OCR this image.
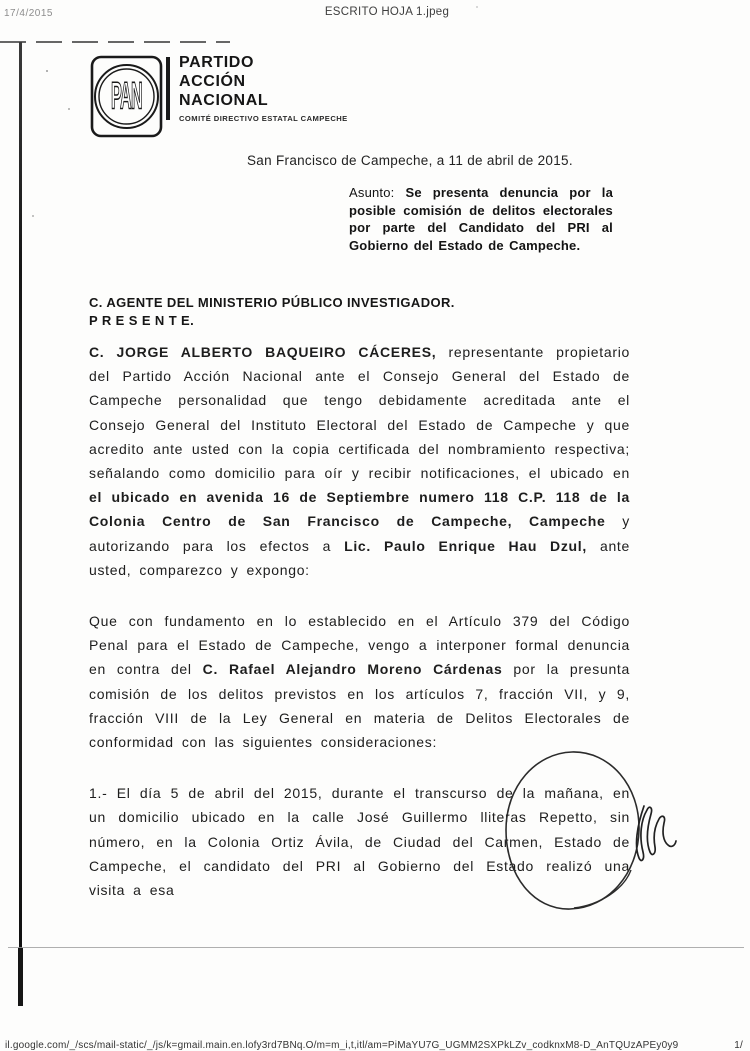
17/4/2015	ESCRITO HOJA 1.jpeg
PAN
PARTIDO
ACCIÓN
NACIONAL
COMITÉ DIRECTIVO ESTATAL CAMPECHE
San Francisco de Campeche, a 11 de abril de 2015.
Asunto: Se presenta denuncia por la posible comisión de delitos electorales por parte del Candidato del PRI al Gobierno del Estado de Campeche.
C. AGENTE DEL MINISTERIO PÚBLICO INVESTIGADOR.
P R E S E N T E.

C. JORGE ALBERTO BAQUEIRO CÁCERES, representante propietario del Partido Acción Nacional ante el Consejo General del Estado de Campeche personalidad que tengo debidamente acreditada ante el Consejo General del Instituto Electoral del Estado de Campeche y que acredito ante usted con la copia certificada del nombramiento respectiva; señalando como domicilio para oír y recibir notificaciones, el ubicado en el ubicado en avenida 16 de Septiembre numero 118 C.P. 118 de la Colonia Centro de San Francisco de Campeche, Campeche y autorizando para los efectos a Lic. Paulo Enrique Hau Dzul, ante usted, comparezco y expongo:

Que con fundamento en lo establecido en el Artículo 379 del Código Penal para el Estado de Campeche, vengo a interponer formal denuncia en contra del C. Rafael Alejandro Moreno Cárdenas por la presunta comisión de los delitos previstos en los artículos 7, fracción VII, y 9, fracción VIII de la Ley General en materia de Delitos Electorales de conformidad con las siguientes consideraciones:

1.- El día 5 de abril del 2015, durante el transcurso de la mañana, en un domicilio ubicado en la calle José Guillermo lliteras Repetto, sin número, en la Colonia Ortiz Ávila, de Ciudad del Carmen, Estado de Campeche, el candidato del PRI al Gobierno del Estado realizó una visita a esa

il.google.com/_/scs/mail-static/_/js/k=gmail.main.en.lofy3rd7BNq.O/m=m_i,t,itl/am=PiMaYU7G_UGMM2SXPkLZv_codknxM8-D_AnTQUzAPEy0y9	1/
